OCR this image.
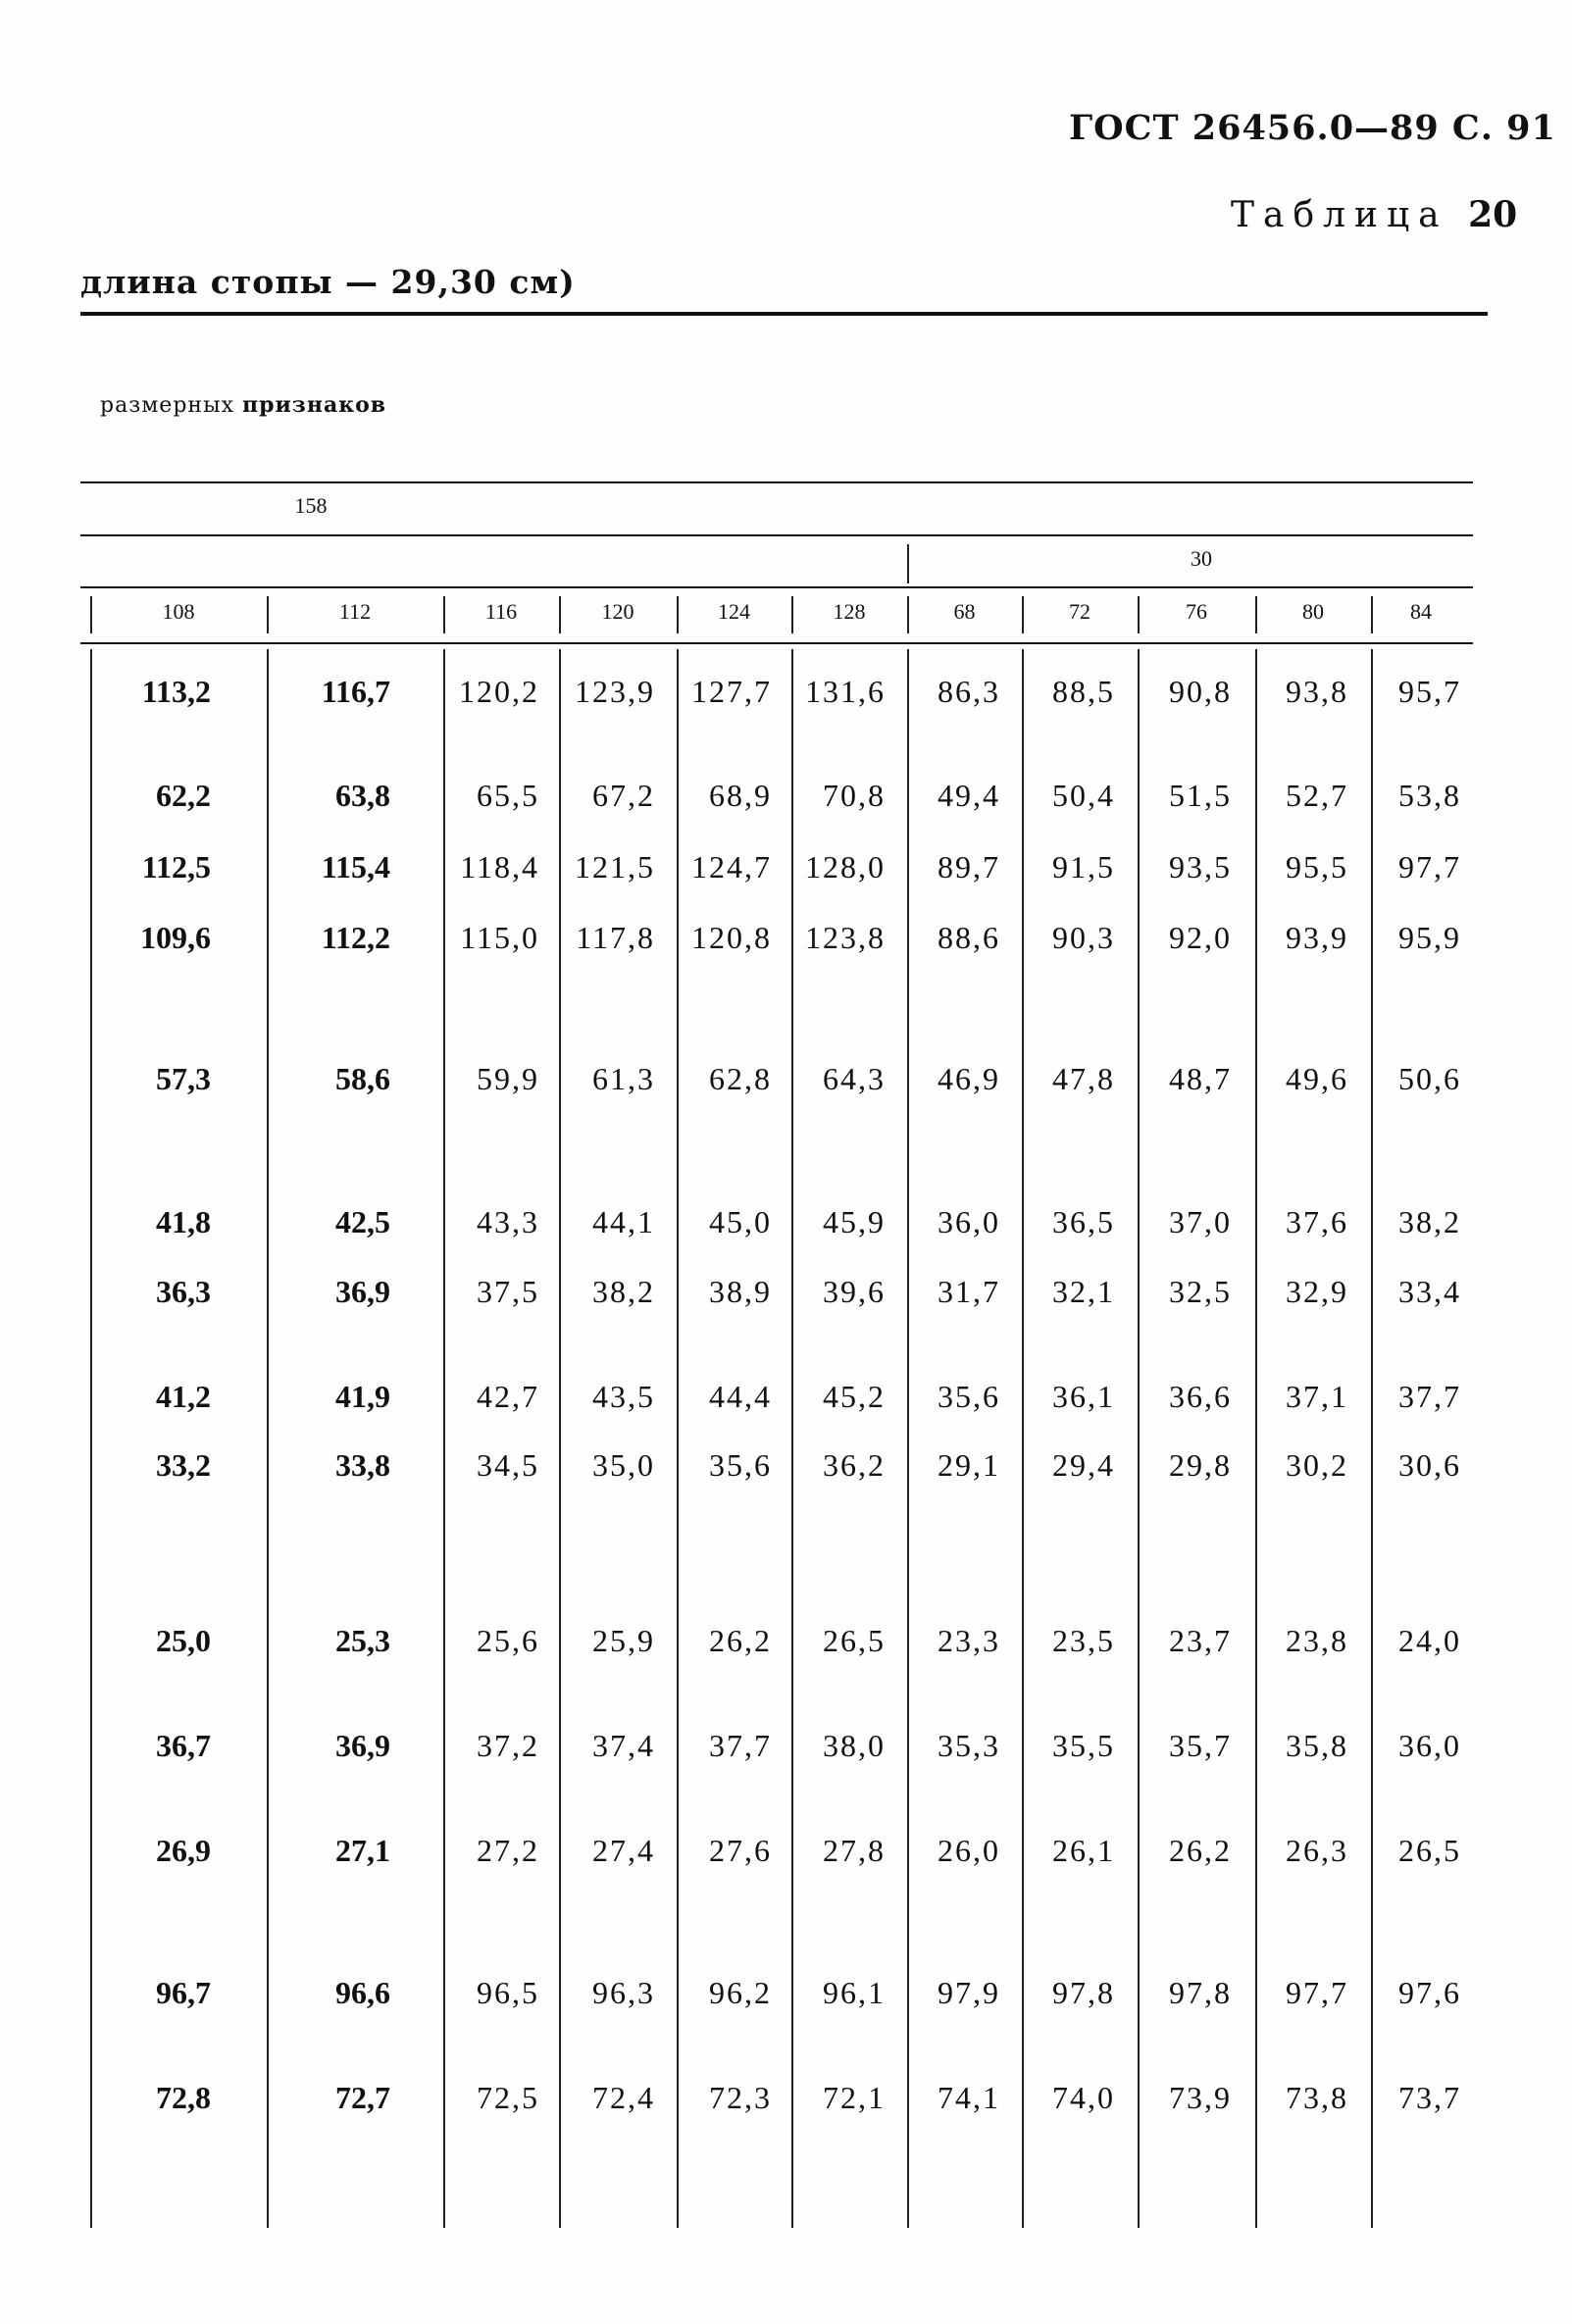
ГОСТ 26456.0—89 С. 91
Таблица 20
длина стопы — 29,30 см)
размерных признаков
158
30
108	112	116	120	124	128	68	72	76	80	84
113,2	116,7	120,2	123,9	127,7	131,6	86,3	88,5	90,8	93,8	95,7
62,2	63,8	65,5	67,2	68,9	70,8	49,4	50,4	51,5	52,7	53,8
112,5	115,4	118,4	121,5	124,7	128,0	89,7	91,5	93,5	95,5	97,7
109,6	112,2	115,0	117,8	120,8	123,8	88,6	90,3	92,0	93,9	95,9
57,3	58,6	59,9	61,3	62,8	64,3	46,9	47,8	48,7	49,6	50,6
41,8	42,5	43,3	44,1	45,0	45,9	36,0	36,5	37,0	37,6	38,2
36,3	36,9	37,5	38,2	38,9	39,6	31,7	32,1	32,5	32,9	33,4
41,2	41,9	42,7	43,5	44,4	45,2	35,6	36,1	36,6	37,1	37,7
33,2	33,8	34,5	35,0	35,6	36,2	29,1	29,4	29,8	30,2	30,6
25,0	25,3	25,6	25,9	26,2	26,5	23,3	23,5	23,7	23,8	24,0
36,7	36,9	37,2	37,4	37,7	38,0	35,3	35,5	35,7	35,8	36,0
26,9	27,1	27,2	27,4	27,6	27,8	26,0	26,1	26,2	26,3	26,5
96,7	96,6	96,5	96,3	96,2	96,1	97,9	97,8	97,8	97,7	97,6
72,8	72,7	72,5	72,4	72,3	72,1	74,1	74,0	73,9	73,8	73,7
